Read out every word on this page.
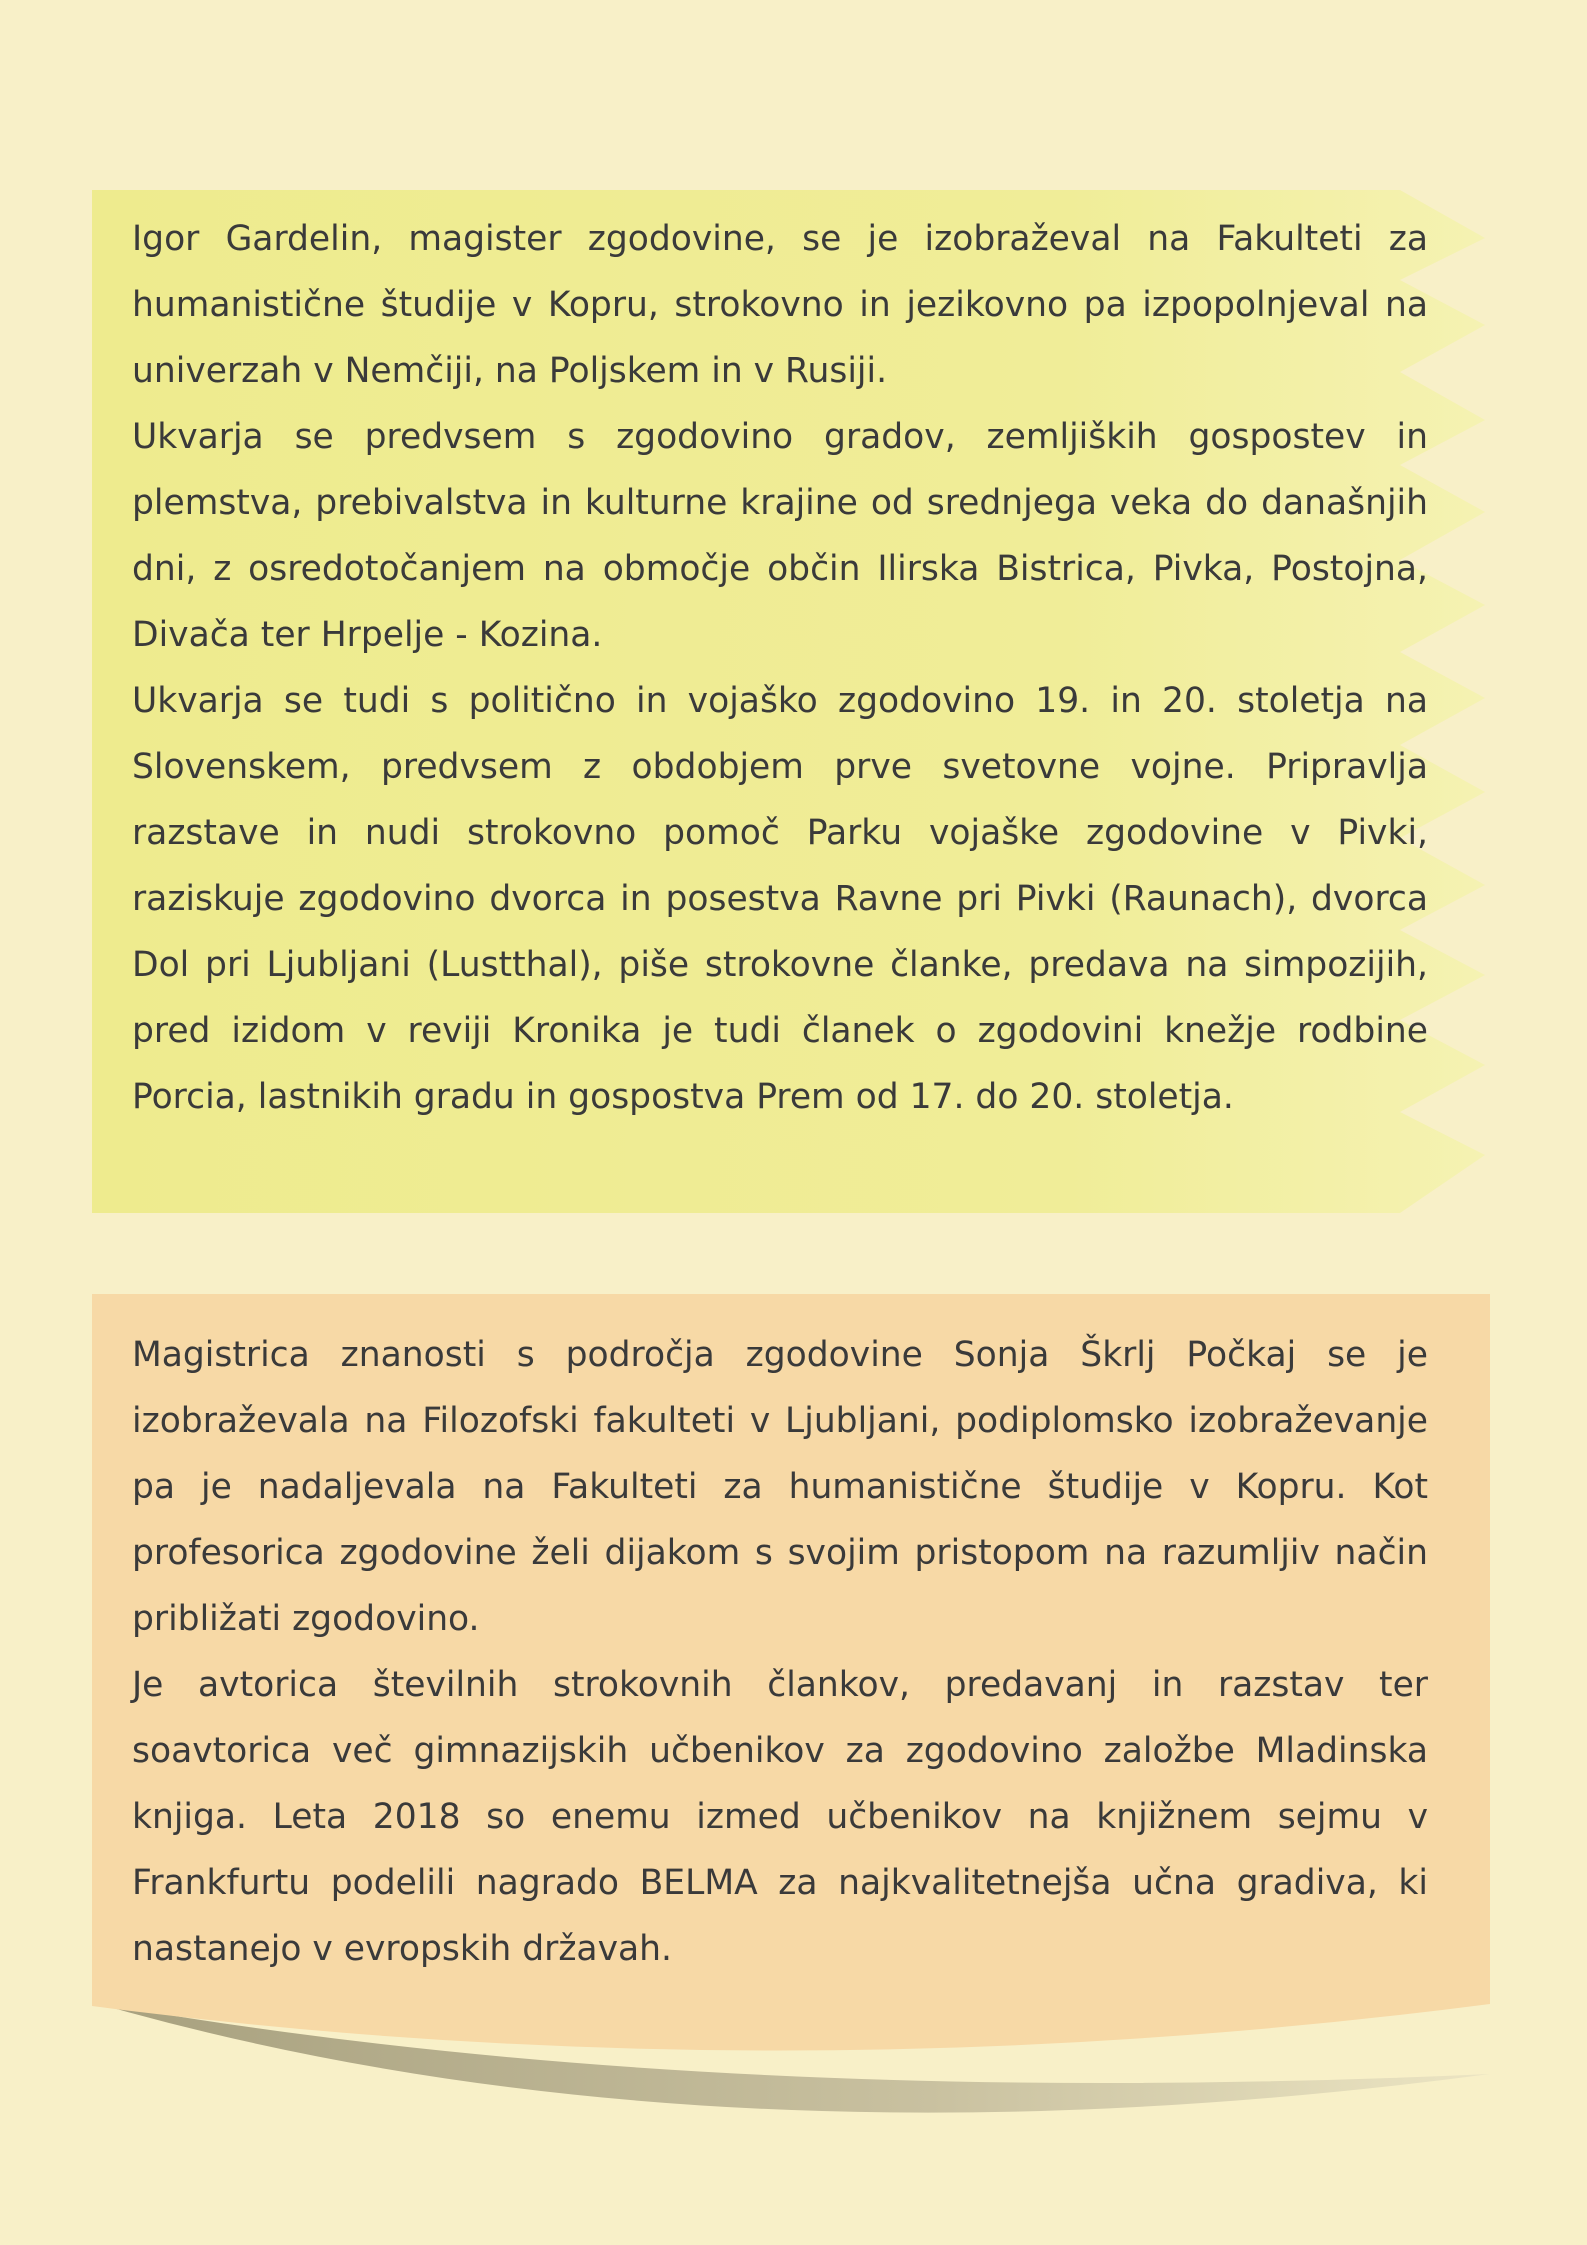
Igor Gardelin, magister zgodovine, se je izobraževal na Fakulteti za humanistične študije v Kopru, strokovno in jezikovno pa izpopolnjeval na univerzah v Nemčiji, na Poljskem in v Rusiji.

Ukvarja se predvsem s zgodovino gradov, zemljiških gospostev in plemstva, prebivalstva in kulturne krajine od srednjega veka do današnjih dni, z osredotočanjem na območje občin Ilirska Bistrica, Pivka, Postojna, Divača ter Hrpelje - Kozina.

Ukvarja se tudi s politično in vojaško zgodovino 19. in 20. stoletja na Slovenskem, predvsem z obdobjem prve svetovne vojne. Pripravlja razstave in nudi strokovno pomoč Parku vojaške zgodovine v Pivki, raziskuje zgodovino dvorca in posestva Ravne pri Pivki (Raunach), dvorca Dol pri Ljubljani (Lustthal), piše strokovne članke, predava na simpozijih, pred izidom v reviji Kronika je tudi članek o zgodovini knežje rodbine Porcia, lastnikih gradu in gospostva Prem od 17. do 20. stoletja.

Magistrica znanosti s področja zgodovine Sonja Škrlj Počkaj se je izobraževala na Filozofski fakulteti v Ljubljani, podiplomsko izobraževanje pa je nadaljevala na Fakulteti za humanistične študije v Kopru. Kot profesorica zgodovine želi dijakom s svojim pristopom na razumljiv način približati zgodovino.

Je avtorica številnih strokovnih člankov, predavanj in razstav ter soavtorica več gimnazijskih učbenikov za zgodovino založbe Mladinska knjiga. Leta 2018 so enemu izmed učbenikov na knjižnem sejmu v Frankfurtu podelili nagrado BELMA za najkvalitetnejša učna gradiva, ki nastanejo v evropskih državah.
